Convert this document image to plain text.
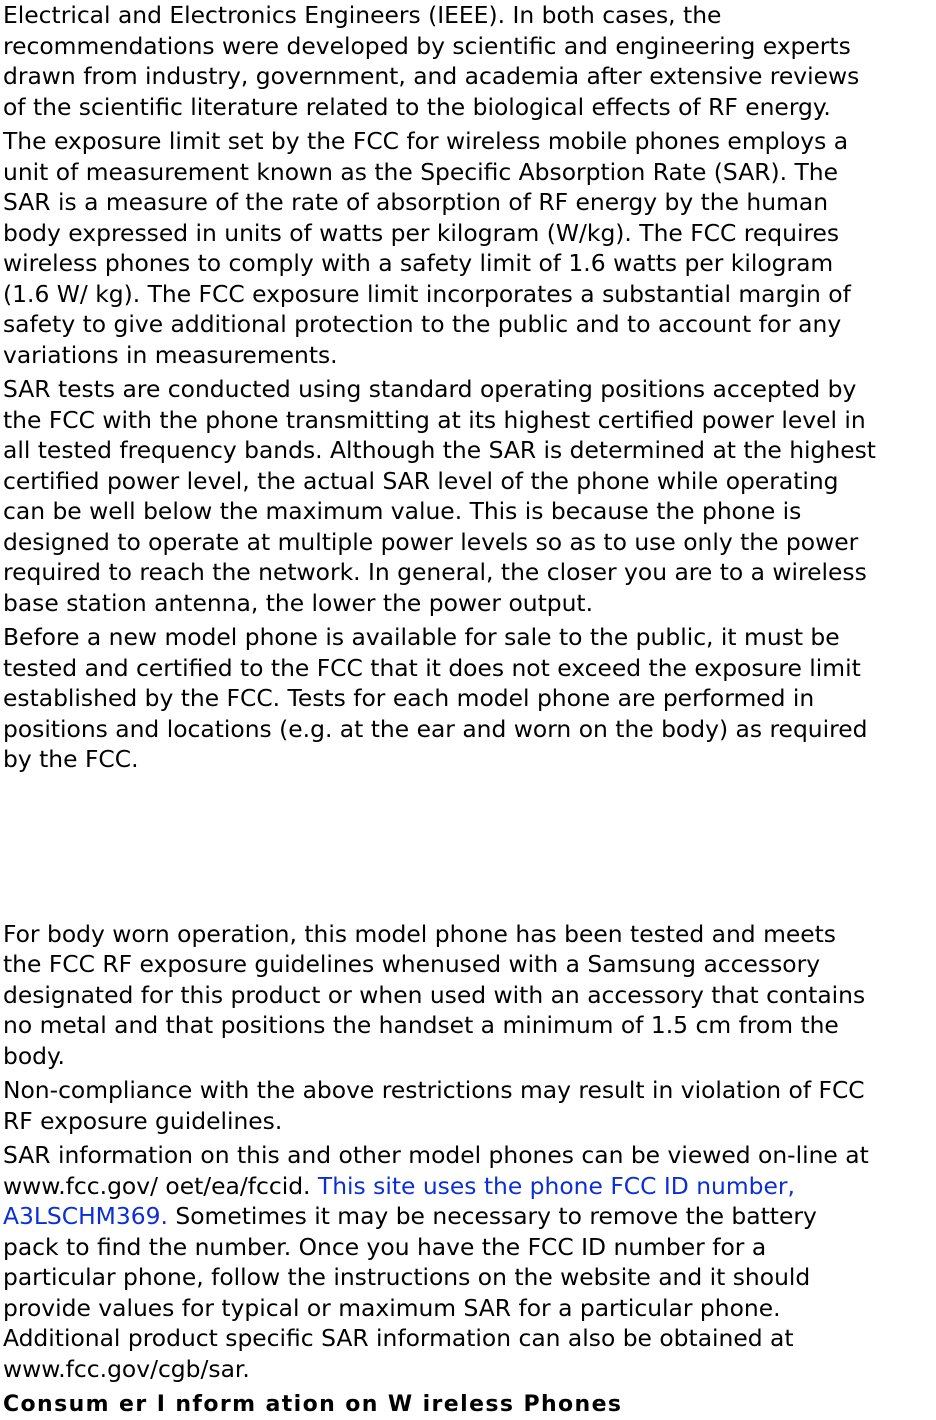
Electrical and Electronics Engineers (IEEE). In both cases, the
recommendations were developed by scientific and engineering experts
drawn from industry, government, and academia after extensive reviews
of the scientific literature related to the biological effects of RF energy.
The exposure limit set by the FCC for wireless mobile phones employs a
unit of measurement known as the Specific Absorption Rate (SAR). The
SAR is a measure of the rate of absorption of RF energy by the human
body expressed in units of watts per kilogram (W/kg). The FCC requires
wireless phones to comply with a safety limit of 1.6 watts per kilogram
(1.6 W/ kg). The FCC exposure limit incorporates a substantial margin of
safety to give additional protection to the public and to account for any
variations in measurements.
SAR tests are conducted using standard operating positions accepted by
the FCC with the phone transmitting at its highest certified power level in
all tested frequency bands. Although the SAR is determined at the highest
certified power level, the actual SAR level of the phone while operating
can be well below the maximum value. This is because the phone is
designed to operate at multiple power levels so as to use only the power
required to reach the network. In general, the closer you are to a wireless
base station antenna, the lower the power output.
Before a new model phone is available for sale to the public, it must be
tested and certified to the FCC that it does not exceed the exposure limit
established by the FCC. Tests for each model phone are performed in
positions and locations (e.g. at the ear and worn on the body) as required
by the FCC.
For body worn operation, this model phone has been tested and meets
the FCC RF exposure guidelines whenused with a Samsung accessory
designated for this product or when used with an accessory that contains
no metal and that positions the handset a minimum of 1.5 cm from the
body.
Non-compliance with the above restrictions may result in violation of FCC
RF exposure guidelines.
SAR information on this and other model phones can be viewed on-line at
www.fcc.gov/ oet/ea/fccid. This site uses the phone FCC ID number,
A3LSCHM369. Sometimes it may be necessary to remove the battery
pack to find the number. Once you have the FCC ID number for a
particular phone, follow the instructions on the website and it should
provide values for typical or maximum SAR for a particular phone.
Additional product specific SAR information can also be obtained at
www.fcc.gov/cgb/sar.
Consum er I nform ation on W ireless Phones
